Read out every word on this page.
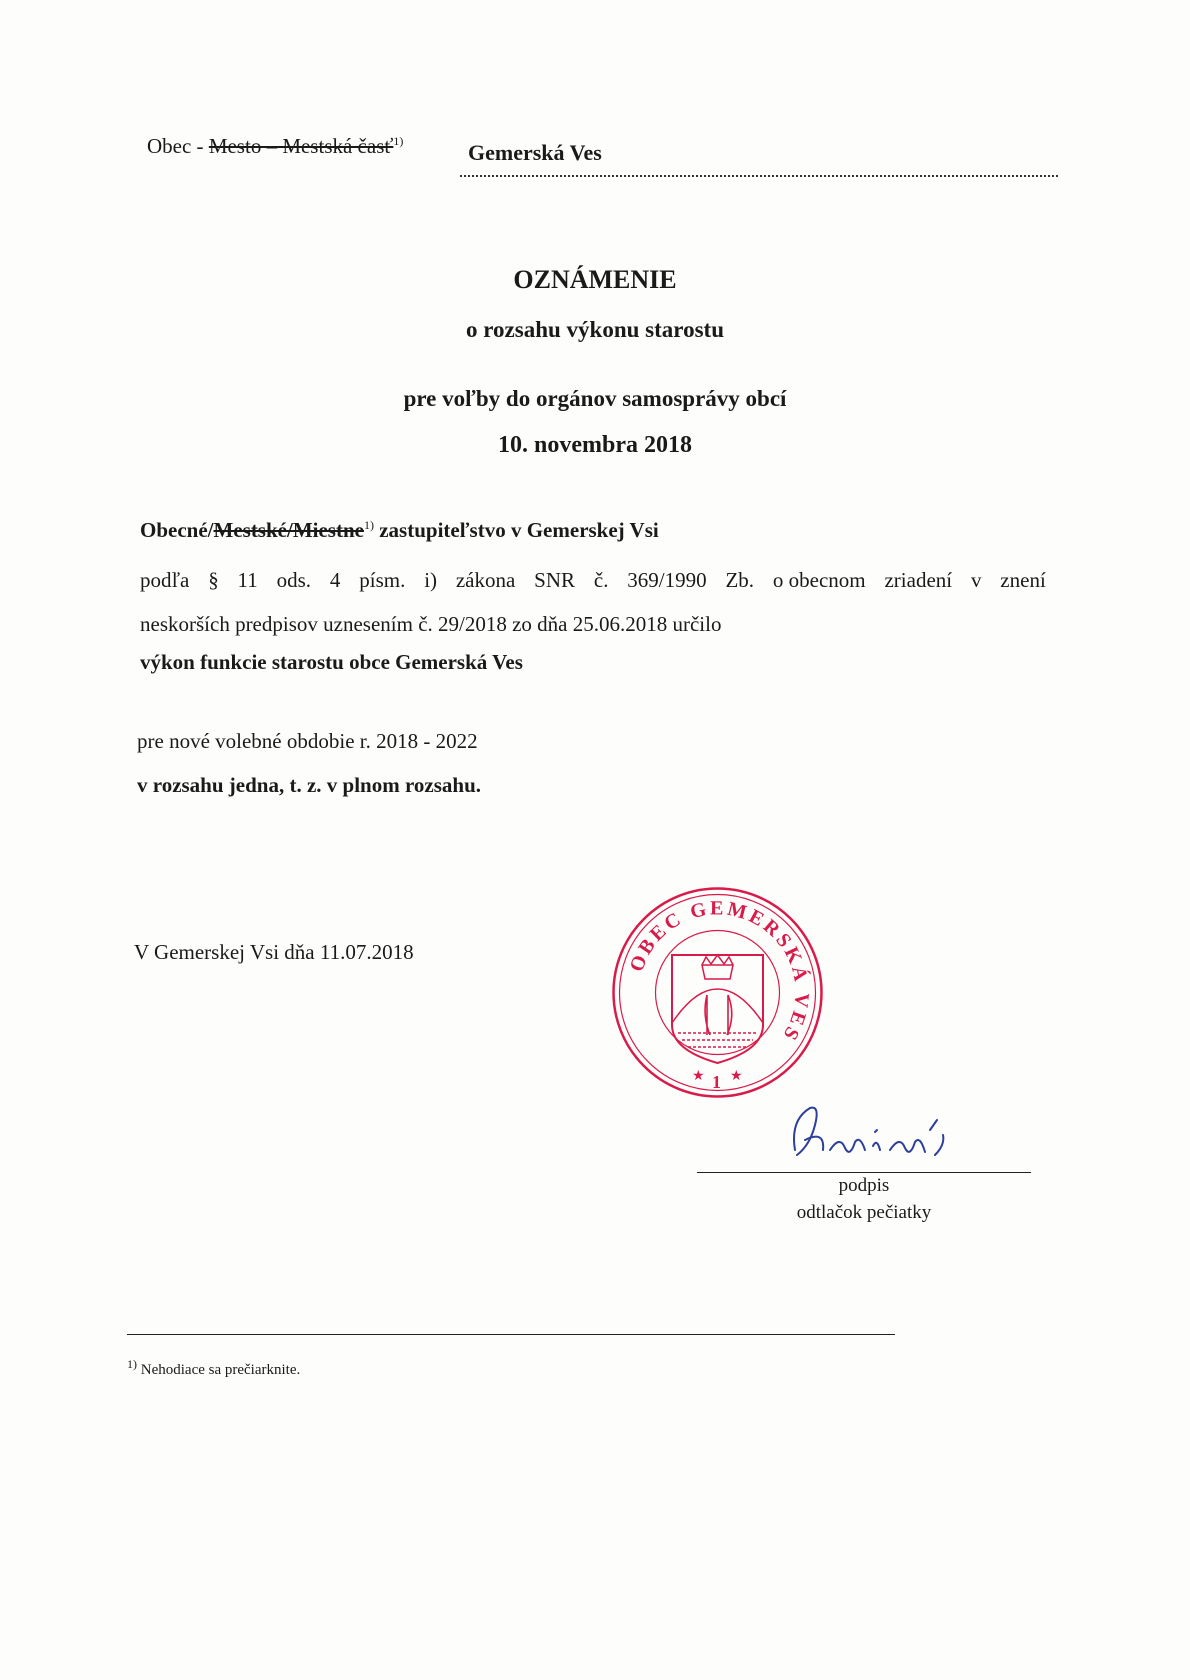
Obec - Mesto – Mestská časť$^{1)}$	Gemerská Ves
OZNÁMENIE
o rozsahu výkonu starostu
pre voľby do orgánov samosprávy obcí
10. novembra 2018
Obecné/Mestské/Miestne$^{1)}$ zastupiteľstvo v Gemerskej Vsi
podľa § 11 ods. 4 písm. i) zákona SNR č. 369/1990 Zb. o obecnom zriadení v znení
neskorších predpisov uznesením č. 29/2018 zo dňa 25.06.2018 určilo
výkon funkcie starostu obce Gemerská Ves
pre nové volebné obdobie r. 2018 - 2022
v rozsahu jedna, t. z. v plnom rozsahu.
V Gemerskej Vsi dňa 11.07.2018	OBEC GEMERSKÁ VES
★ ★
1
podpis
odtlačok pečiatky
$^{1)}$ Nehodiace sa prečiarknite.
